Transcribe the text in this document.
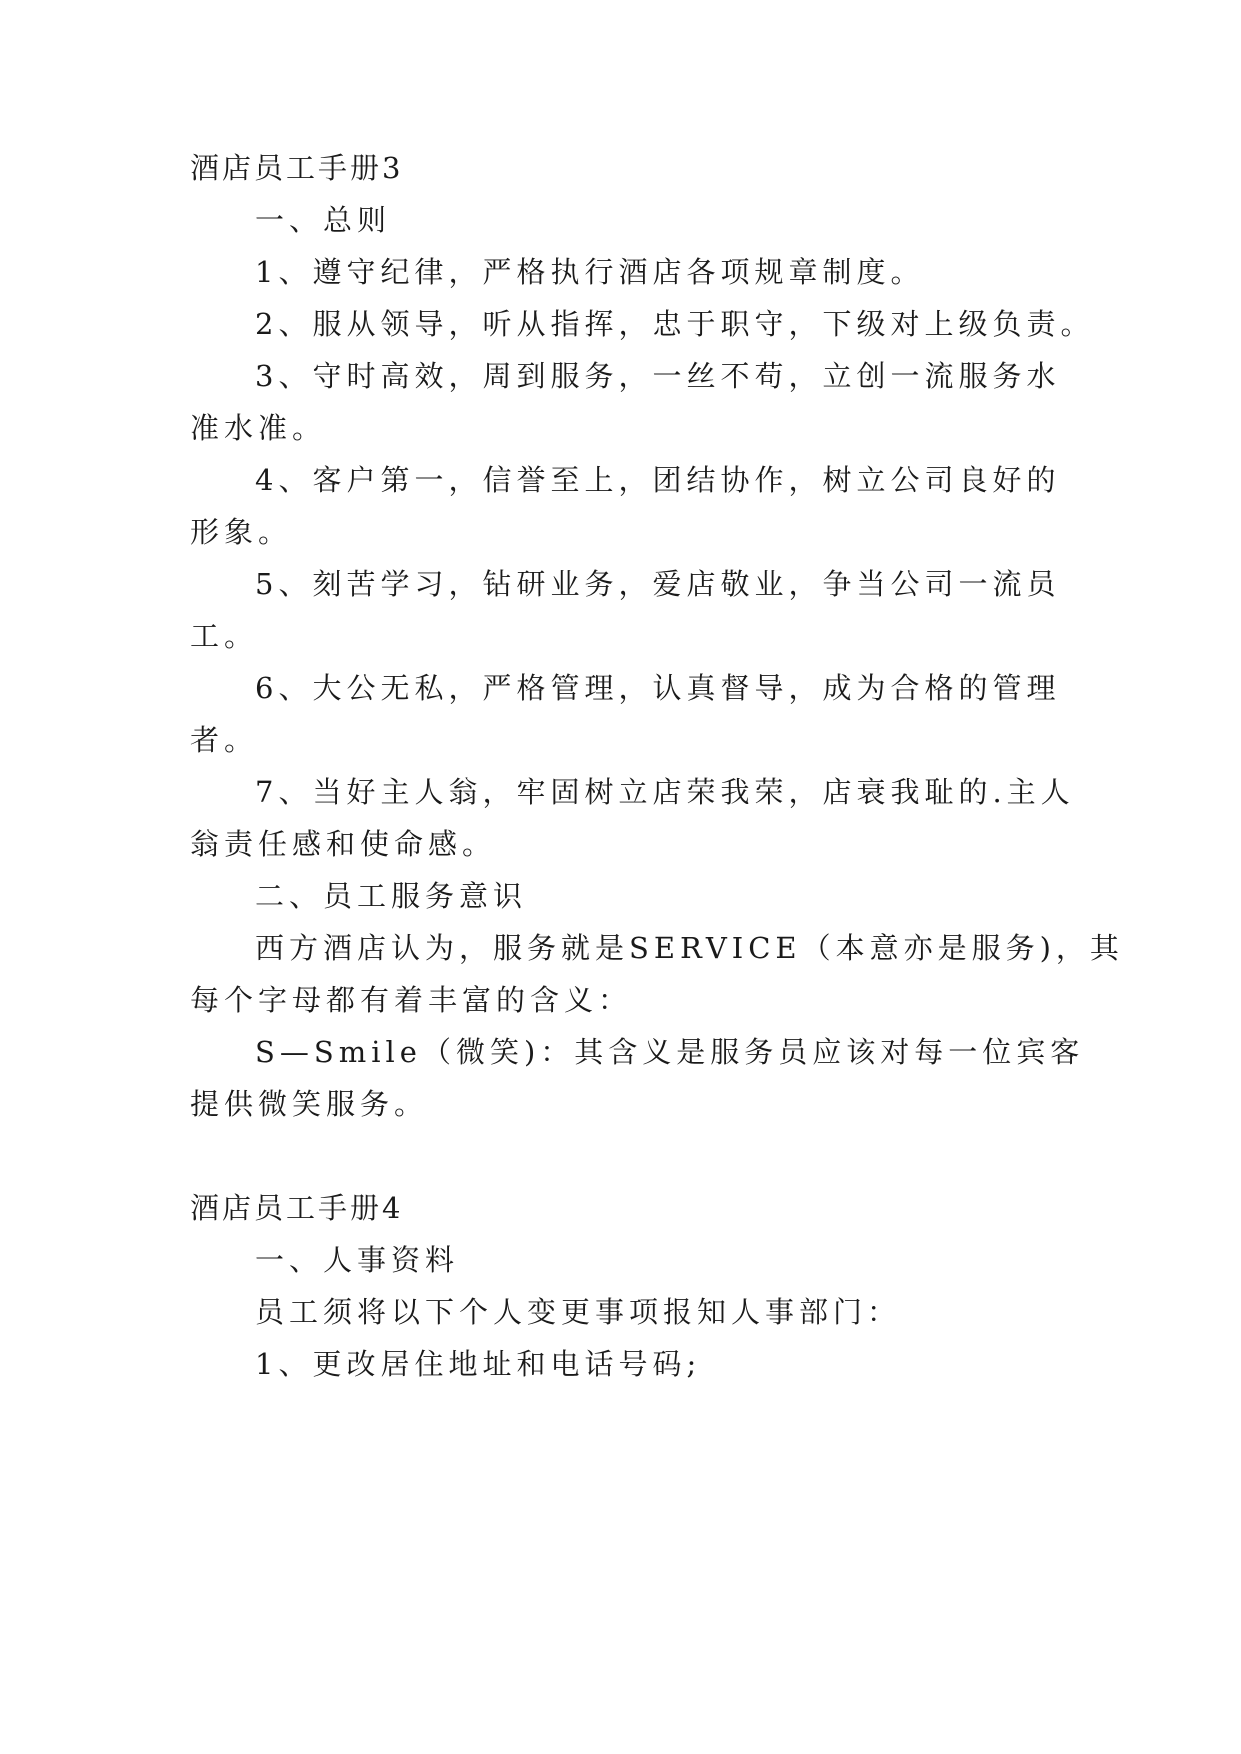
酒店员工手册3
一、总则
1、遵守纪律，严格执行酒店各项规章制度。
2、服从领导，听从指挥，忠于职守，下级对上级负责。
3、守时高效，周到服务，一丝不苟，立创一流服务水
准水准。
4、客户第一，信誉至上，团结协作，树立公司良好的
形象。
5、刻苦学习，钻研业务，爱店敬业，争当公司一流员
工。
6、大公无私，严格管理，认真督导，成为合格的管理
者。
7、当好主人翁，牢固树立店荣我荣，店衰我耻的.主人
翁责任感和使命感。
二、员工服务意识
西方酒店认为，服务就是SERVICE（本意亦是服务)，其
每个字母都有着丰富的含义：
S—Smile（微笑)：其含义是服务员应该对每一位宾客
提供微笑服务。
酒店员工手册4
一、人事资料
员工须将以下个人变更事项报知人事部门：
1、更改居住地址和电话号码;
